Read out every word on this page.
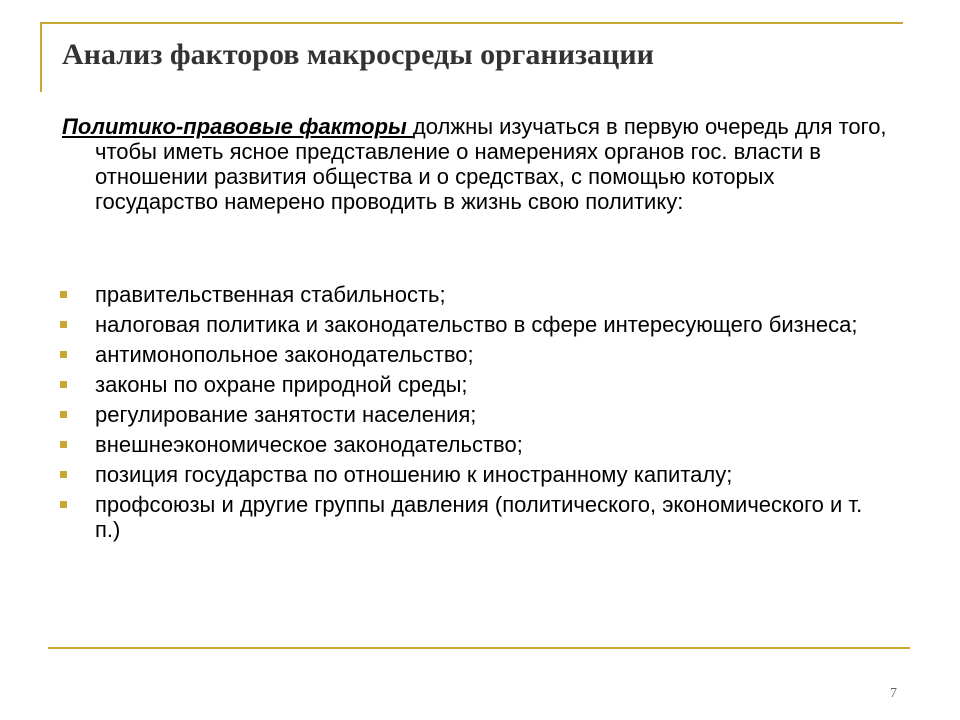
Анализ факторов макросреды организации
Политико-правовые факторы должны изучаться в первую очередь для того, чтобы иметь ясное представление о намерениях органов гос. власти в отношении развития общества и о средствах, с помощью которых государство намерено проводить в жизнь свою политику:
правительственная стабильность;
налоговая политика и законодательство в сфере интересующего бизнеса;
антимонопольное законодательство;
законы по охране природной среды;
регулирование занятости населения;
внешнеэкономическое законодательство;
позиция государства по отношению к иностранному капиталу;
профсоюзы и другие группы давления (политического, экономического и т. п.)
7
